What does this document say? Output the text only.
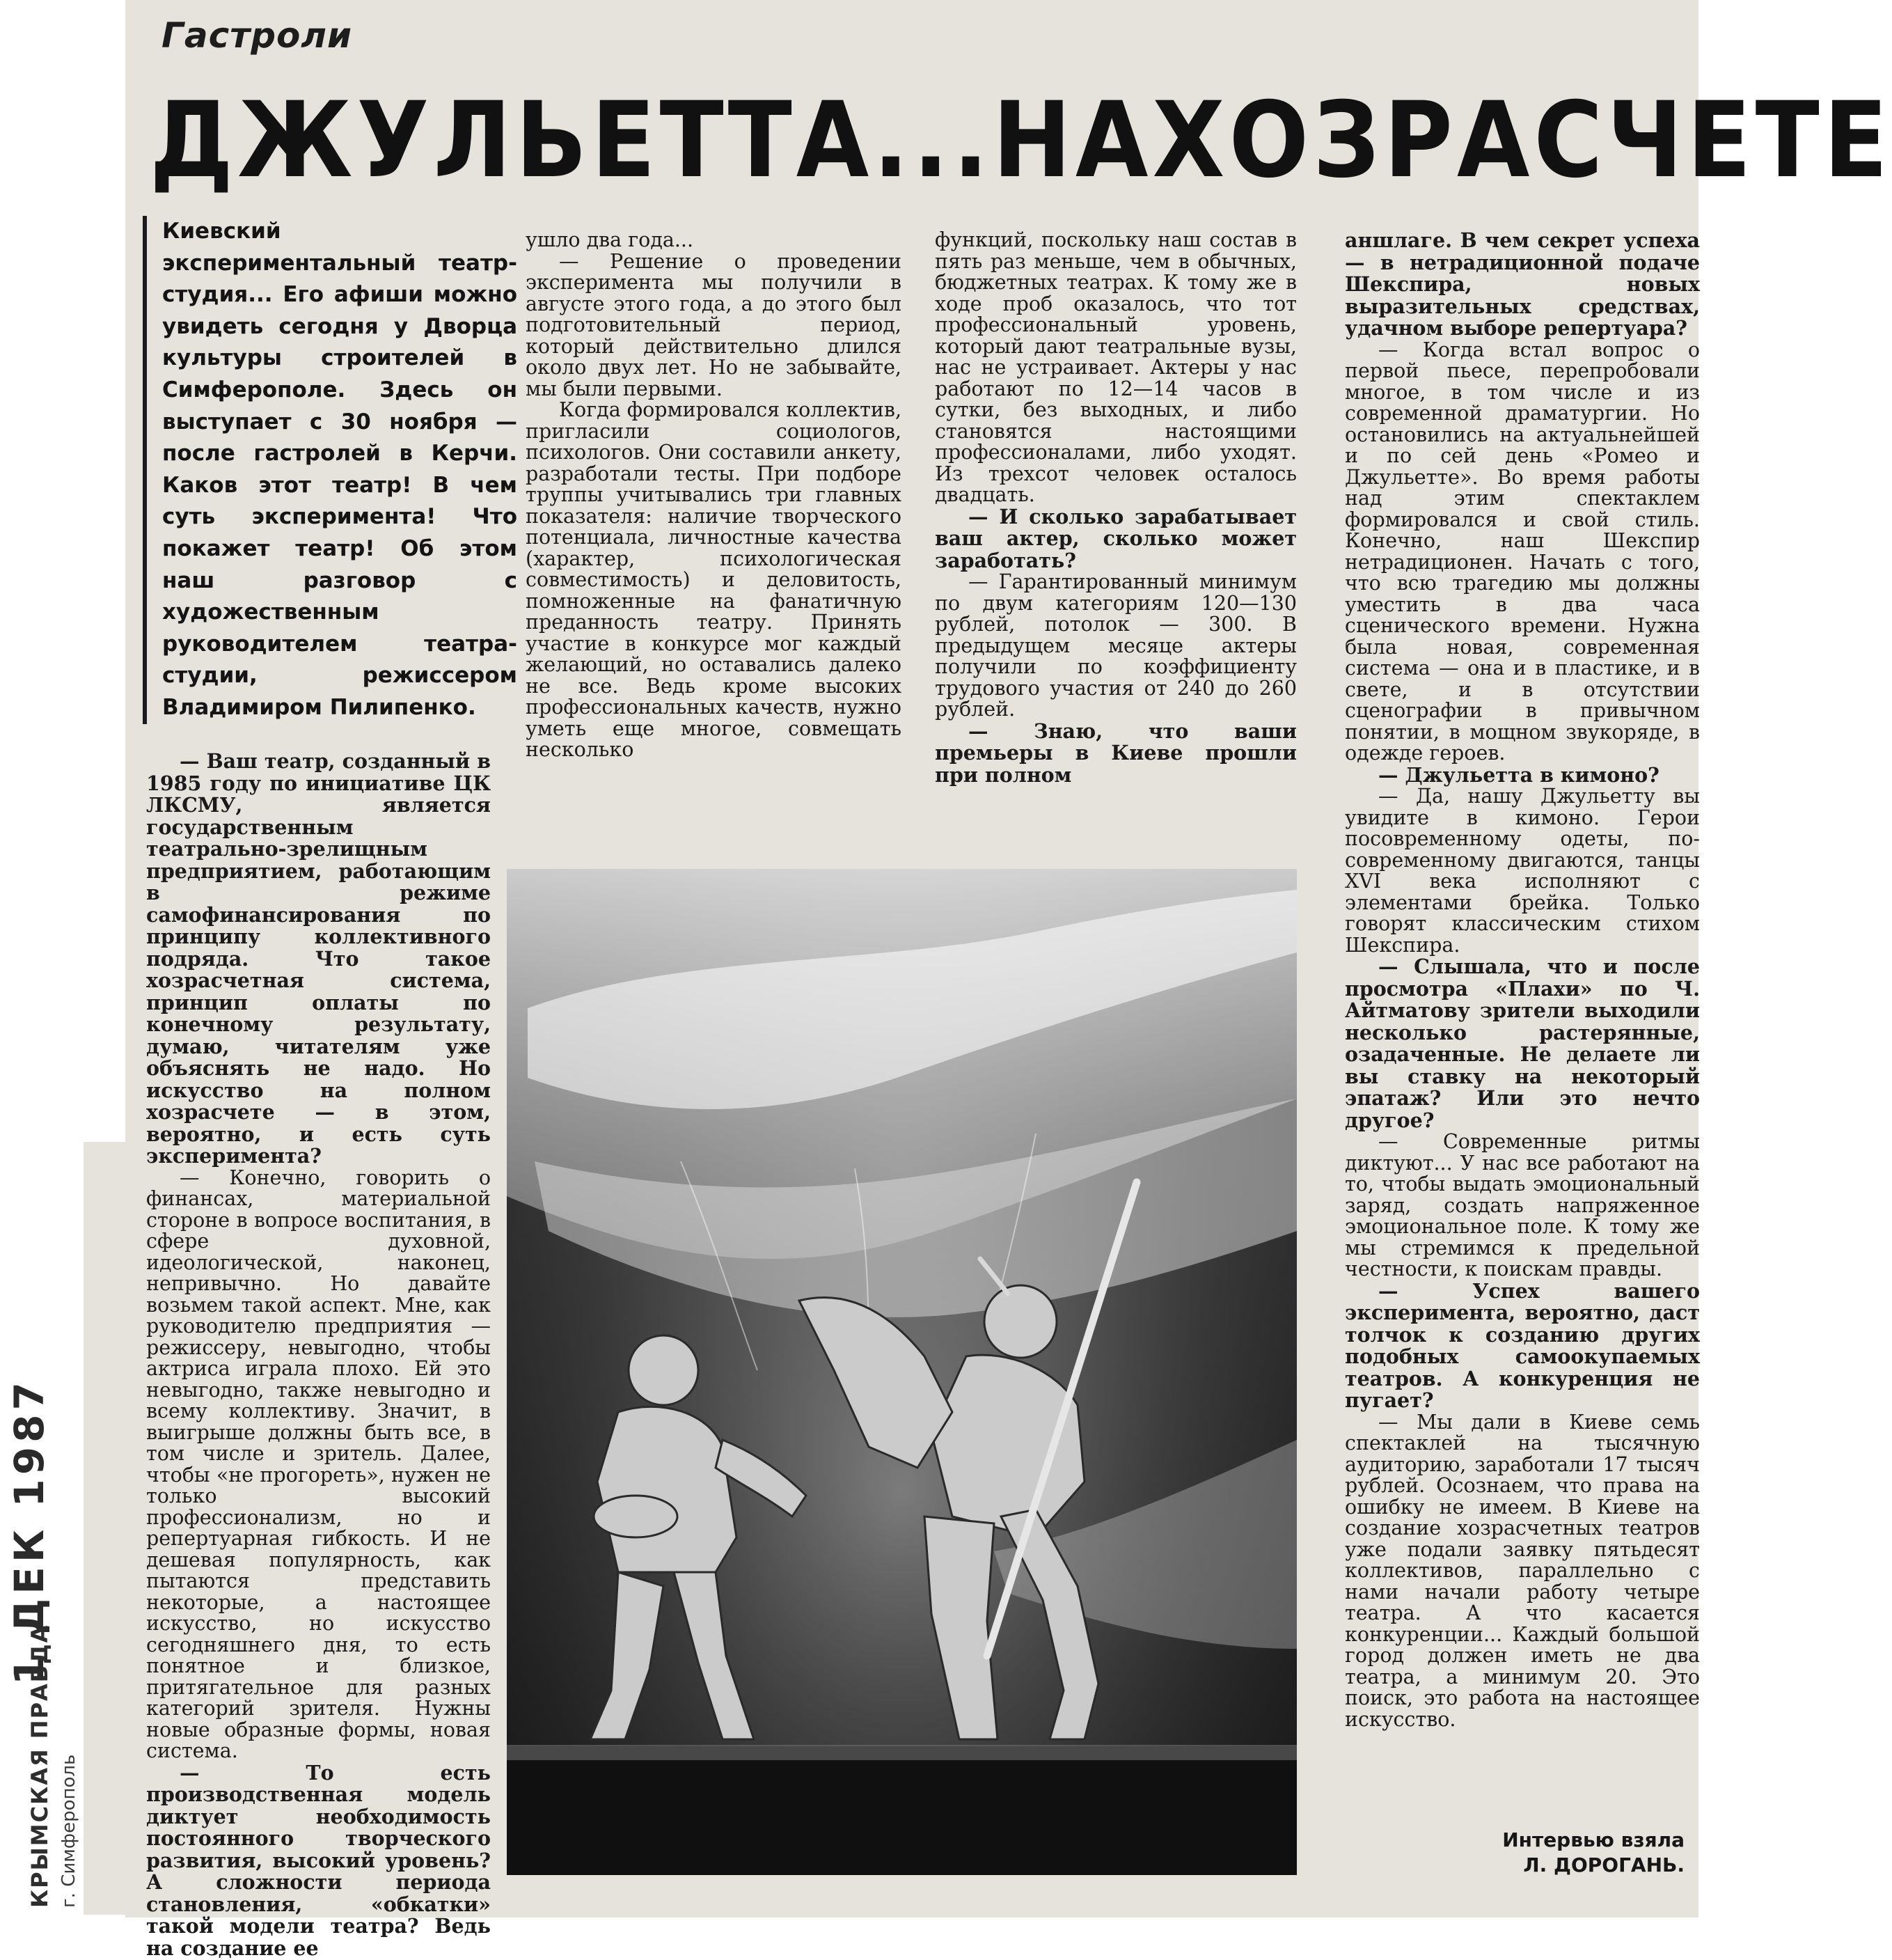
Гастроли
ДЖУЛЬЕТТА... НА ХОЗРАСЧЕТЕ
Киевский экспериментальный театр-студия... Его афиши можно увидеть сегодня у Дворца культуры строителей в Симферополе. Здесь он выступает с 30 ноября — после гастролей в Керчи. Каков этот театр! В чем суть эксперимента! Что покажет театр! Об этом наш разговор с художественным руководителем театра-студии, режиссером Владимиром Пилипенко.

— Ваш театр, созданный в 1985 году по инициативе ЦК ЛКСМУ, является государственным театрально-зрелищным предприятием, работающим в режиме самофинансирования по принципу коллективного подряда. Что такое хозрасчетная система, принцип оплаты по конечному результату, думаю, читателям уже объяснять не надо. Но искусство на полном хозрасчете — в этом, вероятно, и есть суть эксперимента?

— Конечно, говорить о финансах, материальной стороне в вопросе воспитания, в сфере духовной, идеологической, наконец, непривычно. Но давайте возьмем такой аспект. Мне, как руководителю предприятия — режиссеру, невыгодно, чтобы актриса играла плохо. Ей это невыгодно, также невыгодно и всему коллективу. Значит, в выигрыше должны быть все, в том числе и зритель. Далее, чтобы «не прогореть», нужен не только высокий профессионализм, но и репертуарная гибкость. И не дешевая популярность, как пытаются представить некоторые, а настоящее искусство, но искусство сегодняшнего дня, то есть понятное и близкое, притягательное для разных категорий зрителя. Нужны новые образные формы, новая система.

— То есть производственная модель диктует необходимость постоянного творческого развития, высокий уровень? А сложности периода становления, «обкатки» такой модели театра? Ведь на создание ее

ушло два года...

— Решение о проведении эксперимента мы получили в августе этого года, а до этого был подготовительный период, который действительно длился около двух лет. Но не забывайте, мы были первыми.

Когда формировался коллектив, пригласили социологов, психологов. Они составили анкету, разработали тесты. При подборе труппы учитывались три главных показателя: наличие творческого потенциала, личностные качества (характер, психологическая совместимость) и деловитость, помноженные на фанатичную преданность театру. Принять участие в конкурсе мог каждый желающий, но оставались далеко не все. Ведь кроме высоких профессиональных качеств, нужно уметь еще многое, совмещать несколько

функций, поскольку наш состав в пять раз меньше, чем в обычных, бюджетных театрах. К тому же в ходе проб оказалось, что тот профессиональный уровень, который дают театральные вузы, нас не устраивает. Актеры у нас работают по 12—14 часов в сутки, без выходных, и либо становятся настоящими профессионалами, либо уходят. Из трехсот человек осталось двадцать.

— И сколько зарабатывает ваш актер, сколько может заработать?

— Гарантированный минимум по двум категориям 120—130 рублей, потолок — 300. В предыдущем месяце актеры получили по коэффициенту трудового участия от 240 до 260 рублей.

— Знаю, что ваши премьеры в Киеве прошли при полном

аншлаге. В чем секрет успеха — в нетрадиционной подаче Шекспира, новых выразительных средствах, удачном выборе репертуара?

— Когда встал вопрос о первой пьесе, перепробовали многое, в том числе и из современной драматургии. Но остановились на актуальнейшей и по сей день «Ромео и Джульетте». Во время работы над этим спектаклем формировался и свой стиль. Конечно, наш Шекспир нетрадиционен. Начать с того, что всю трагедию мы должны уместить в два часа сценического времени. Нужна была новая, современная система — она и в пластике, и в свете, и в отсутствии сценографии в привычном понятии, в мощном звукоряде, в одежде героев.

— Джульетта в кимоно?

— Да, нашу Джульетту вы увидите в кимоно. Герои посовременному одеты, по-современному двигаются, танцы XVI века исполняют с элементами брейка. Только говорят классическим стихом Шекспира.

— Слышала, что и после просмотра «Плахи» по Ч. Айтматову зрители выходили несколько растерянные, озадаченные. Не делаете ли вы ставку на некоторый эпатаж? Или это нечто другое?

— Современные ритмы диктуют... У нас все работают на то, чтобы выдать эмоциональный заряд, создать напряженное эмоциональное поле. К тому же мы стремимся к предельной честности, к поискам правды.

— Успех вашего эксперимента, вероятно, даст толчок к созданию других подобных самоокупаемых театров. А конкуренция не пугает?

— Мы дали в Киеве семь спектаклей на тысячную аудиторию, заработали 17 тысяч рублей. Осознаем, что права на ошибку не имеем. В Киеве на создание хозрасчетных театров уже подали заявку пятьдесят коллективов, параллельно с нами начали работу четыре театра. А что касается конкуренции... Каждый большой город должен иметь не два театра, а минимум 20. Это поиск, это работа на настоящее искусство.

Интервью взяла
Л. ДОРОГАНЬ.
1 ДЕК 1987
КРЫМСКАЯ ПРАВДА г. Симферополь
